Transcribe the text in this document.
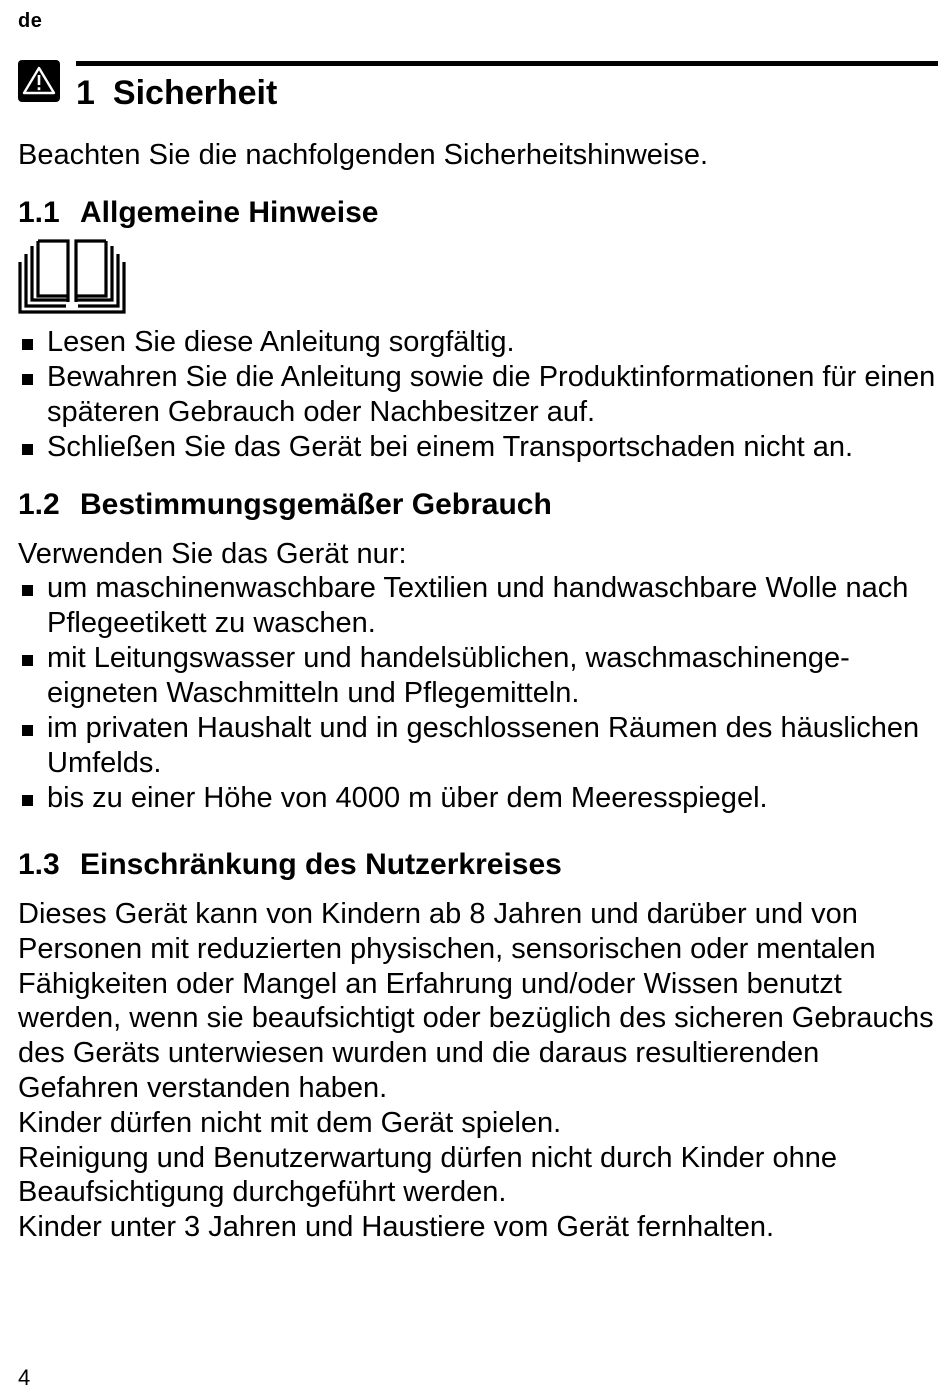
de
1 Sicherheit
Beachten Sie die nachfolgenden Sicherheitshinweise.
1.1 Allgemeine Hinweise
Lesen Sie diese Anleitung sorgfältig.
Bewahren Sie die Anleitung sowie die Produktinformationen für einen späteren Gebrauch oder Nachbesitzer auf.
Schließen Sie das Gerät bei einem Transportschaden nicht an.
1.2 Bestimmungsgemäßer Gebrauch
Verwenden Sie das Gerät nur:
um maschinenwaschbare Textilien und handwaschbare Wolle nach Pflegeetikett zu waschen.
mit Leitungswasser und handelsüblichen, waschmaschinengeeigneten Waschmitteln und Pflegemitteln.
im privaten Haushalt und in geschlossenen Räumen des häuslichen Umfelds.
bis zu einer Höhe von 4000 m über dem Meeresspiegel.
1.3 Einschränkung des Nutzerkreises

Dieses Gerät kann von Kindern ab 8 Jahren und darüber und von Personen mit reduzierten physischen, sensorischen oder mentalen Fähigkeiten oder Mangel an Erfahrung und/oder Wissen benutzt werden, wenn sie beaufsichtigt oder bezüglich des sicheren Gebrauchs des Geräts unterwiesen wurden und die daraus resultierenden Gefahren verstanden haben.

Kinder dürfen nicht mit dem Gerät spielen.

Reinigung und Benutzerwartung dürfen nicht durch Kinder ohne Beaufsichtigung durchgeführt werden.

Kinder unter 3 Jahren und Haustiere vom Gerät fernhalten.

4
